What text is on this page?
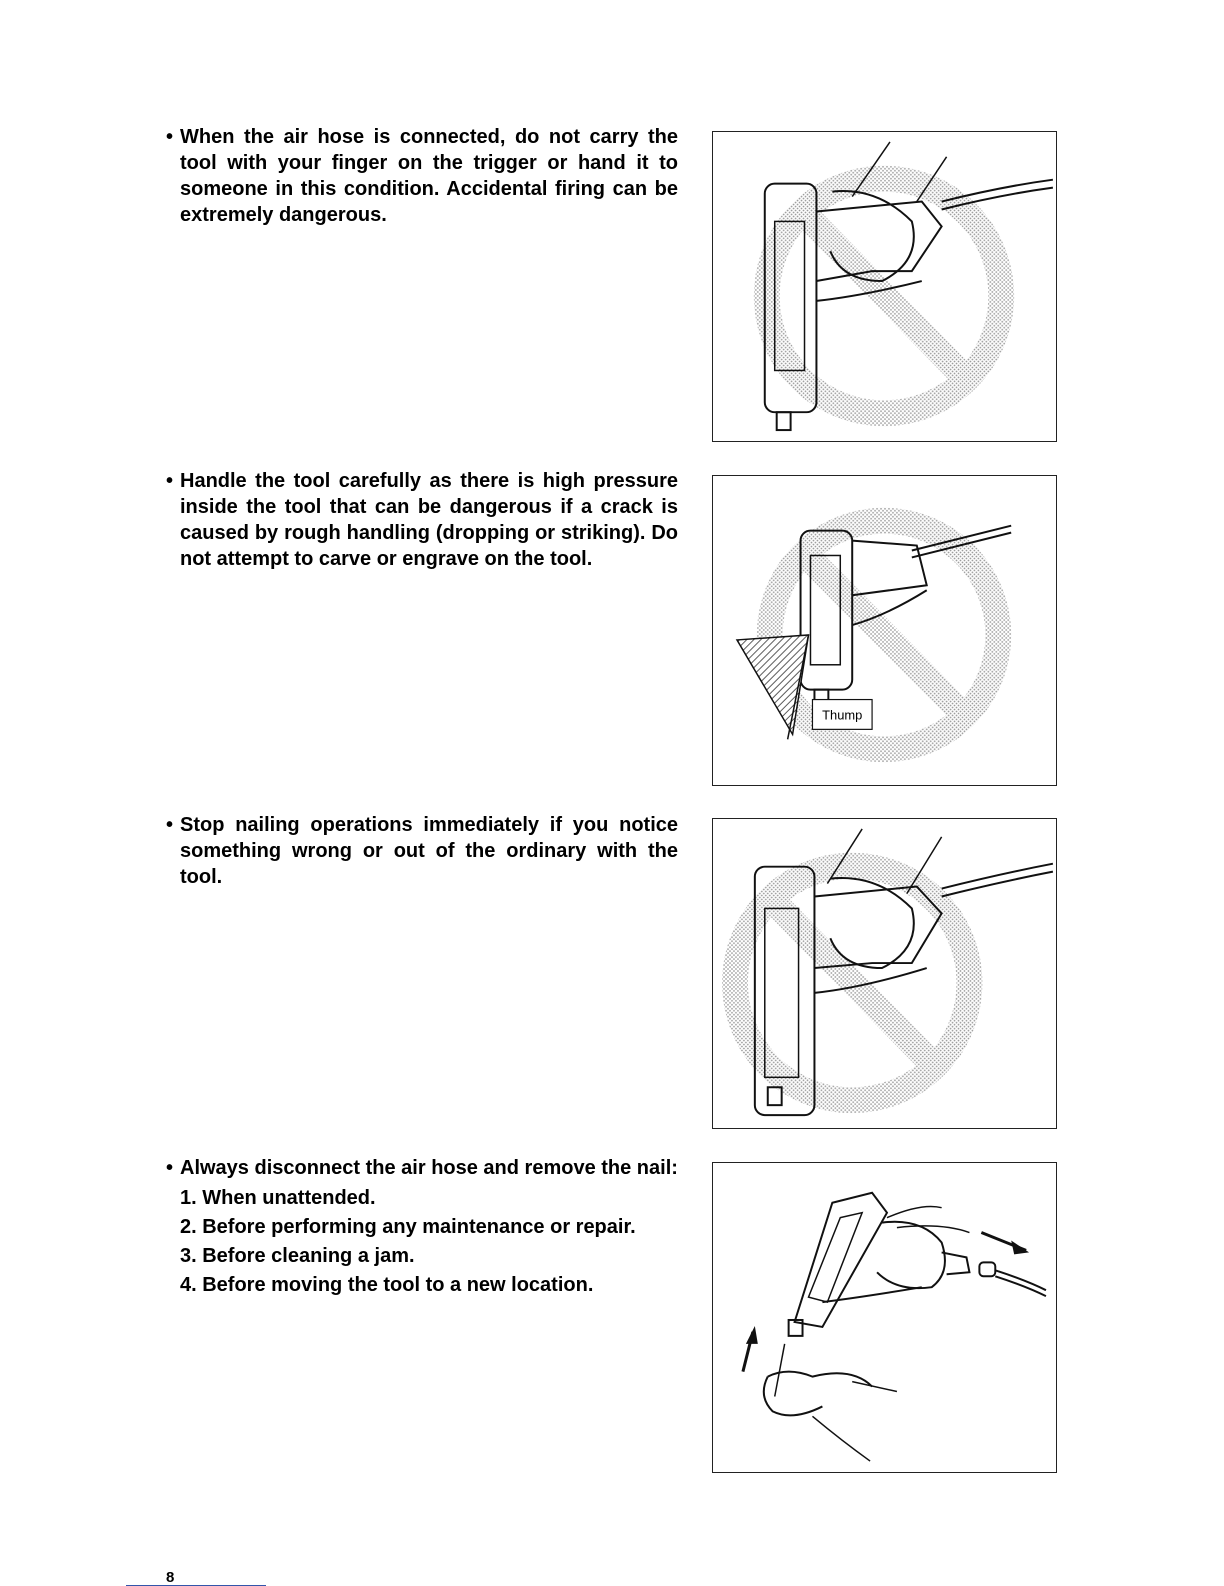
• When the air hose is connected, do not carry the tool with your finger on the trigger or hand it to someone in this condition. Accidental firing can be extremely dangerous.
• Handle the tool carefully as there is high pressure inside the tool that can be dangerous if a crack is caused by rough handling (dropping or striking). Do not attempt to carve or engrave on the tool.
Thump
• Stop nailing operations immediately if you notice something wrong or out of the ordinary with the tool.
• Always disconnect the air hose and remove the nail:
1. When unattended.
2. Before performing any maintenance or repair.
3. Before cleaning a jam.
4. Before moving the tool to a new location.
8
